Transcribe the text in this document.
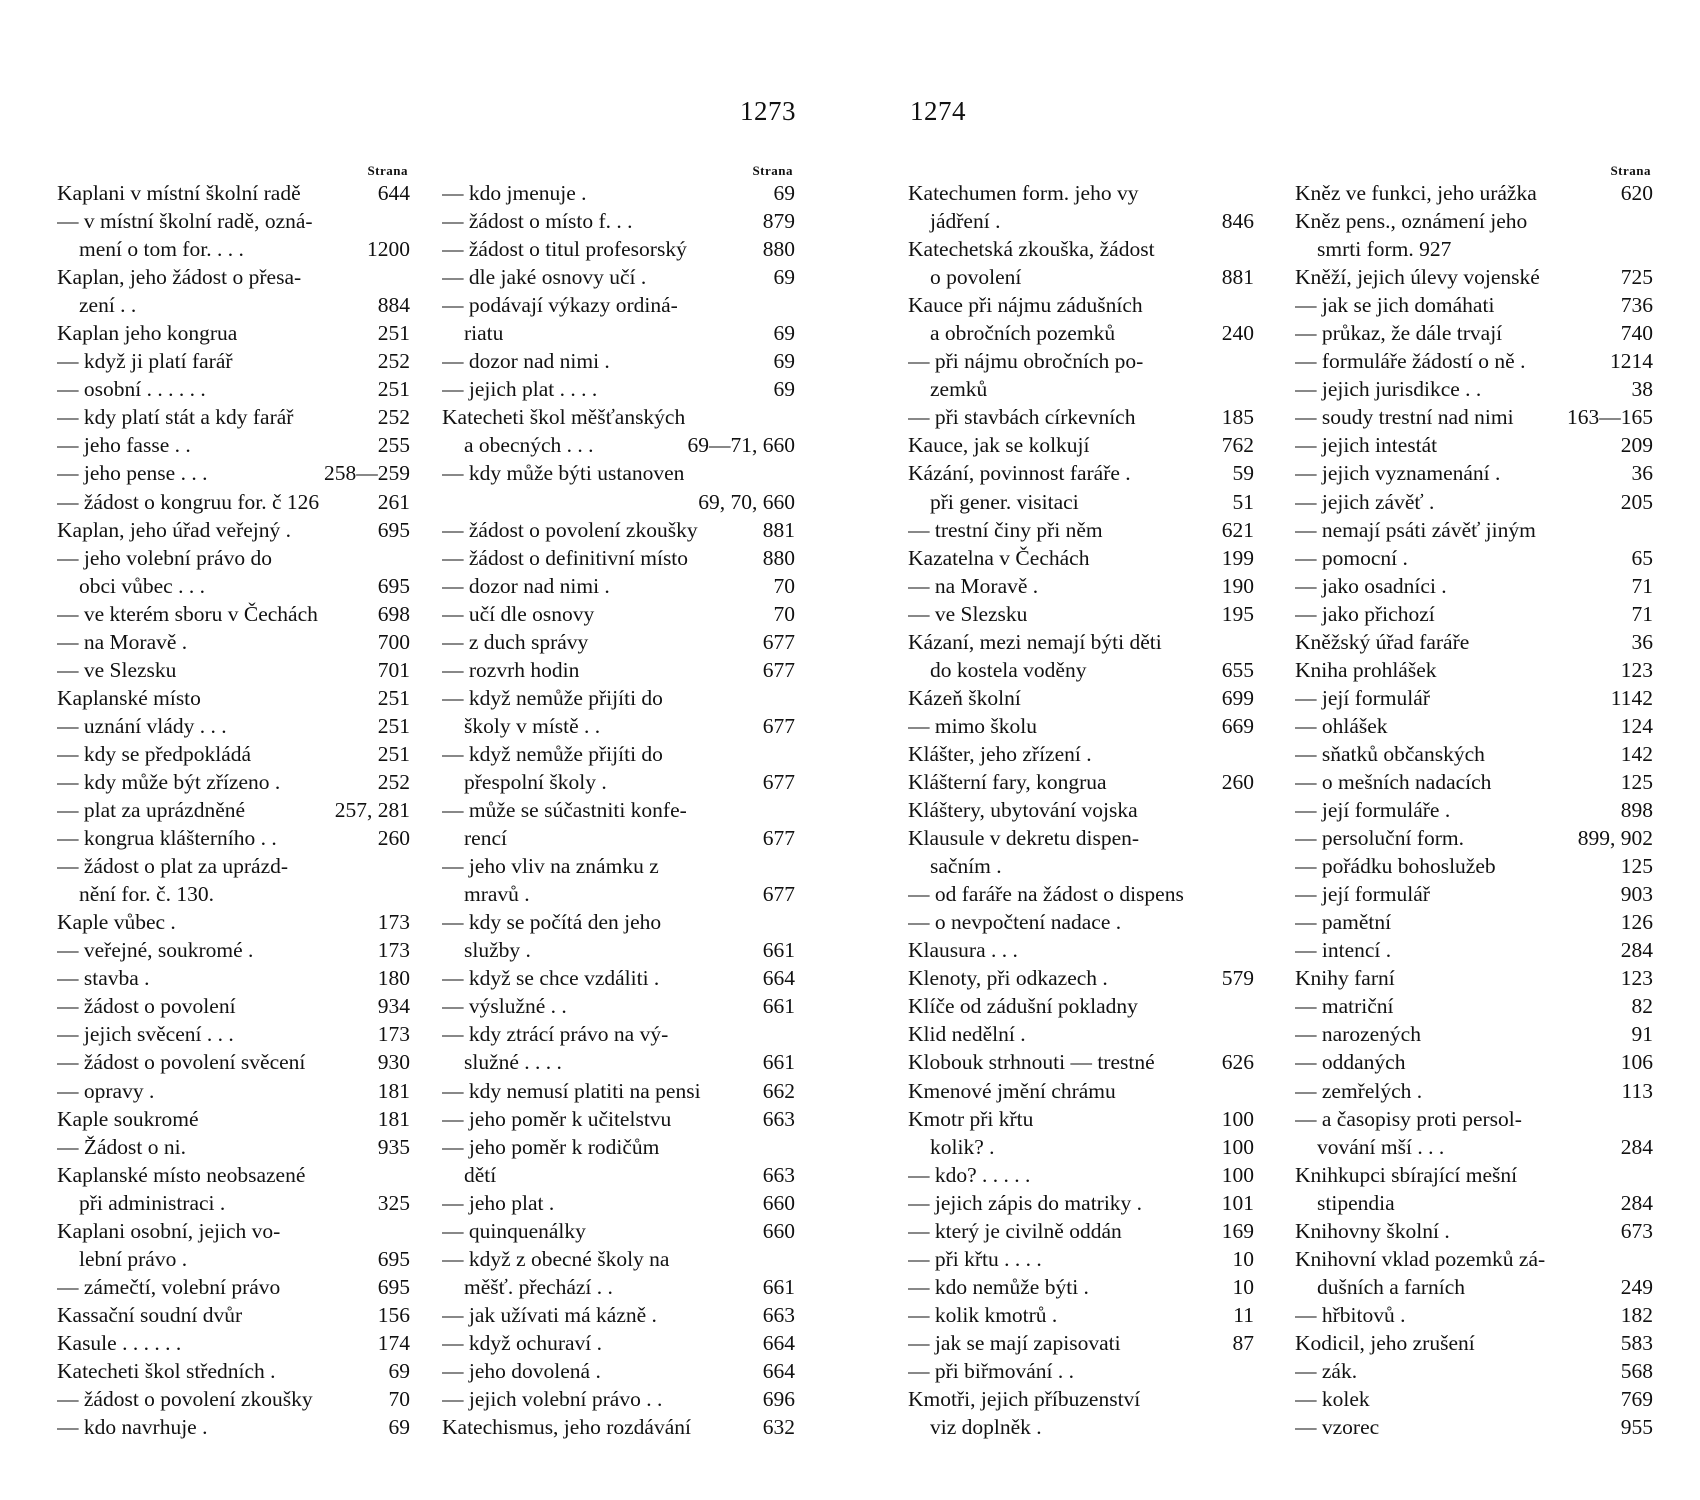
1273
Strana
Kaplani v místní školní radě	644
— v místní školní radě, ozná-
mení o tom for. . . .	1200
Kaplan, jeho žádost o přesa-
zení . .	884
Kaplan jeho kongrua	251
— když ji platí farář	252
— osobní . . . . . .	251
— kdy platí stát a kdy farář	252
— jeho fasse . .	255
— jeho pense . . .	258—259
— žádost o kongruu for. č 126	261
Kaplan, jeho úřad veřejný .	695
— jeho volební právo do
obci vůbec . . .	695
— ve kterém sboru v Čechách	698
— na Moravě .	700
— ve Slezsku	701
Kaplanské místo	251
— uznání vlády . . .	251
— kdy se předpokládá	251
— kdy může být zřízeno .	252
— plat za uprázdněné	257, 281
— kongrua klášterního . .	260
— žádost o plat za uprázd-
nění for. č. 130.
Kaple vůbec .	173
— veřejné, soukromé .	173
— stavba .	180
— žádost o povolení	934
— jejich svěcení . . .	173
— žádost o povolení svěcení	930
— opravy .	181
Kaple soukromé	181
— Žádost o ni.	935
Kaplanské místo neobsazené
při administraci .	325
Kaplani osobní, jejich vo-
lební právo .	695
— zámečtí, volební právo	695
Kassační soudní dvůr	156
Kasule . . . . . .	174
Katecheti škol středních .	69
— žádost o povolení zkoušky	70
— kdo navrhuje .	69
Strana
— kdo jmenuje .	69
— žádost o místo f. . .	879
— žádost o titul profesorský	880
— dle jaké osnovy učí .	69
— podávají výkazy ordiná-
riatu	69
— dozor nad nimi .	69
— jejich plat . . . .	69
Katecheti škol měšťanských
a obecných . . .	69—71, 660
— kdy může býti ustanoven
69, 70, 660
— žádost o povolení zkoušky	881
— žádost o definitivní místo	880
— dozor nad nimi .	70
— učí dle osnovy	70
— z duch správy	677
— rozvrh hodin	677
— když nemůže přijíti do
školy v místě . .	677
— když nemůže přijíti do
přespolní školy .	677
— může se súčastniti konfe-
rencí	677
— jeho vliv na známku z
mravů .	677
— kdy se počítá den jeho
služby .	661
— když se chce vzdáliti .	664
— výslužné . .	661
— kdy ztrácí právo na vý-
služné . . . .	661
— kdy nemusí platiti na pensi	662
— jeho poměr k učitelstvu	663
— jeho poměr k rodičům
dětí	663
— jeho plat .	660
— quinquenálky	660
— když z obecné školy na
měšť. přechází . .	661
— jak užívati má kázně .	663
— když ochuraví .	664
— jeho dovolená .	664
— jejich volební právo . .	696
Katechismus, jeho rozdávání	632
1274
Katechumen form. jeho vy
jádření .	846
Katechetská zkouška, žádost
o povolení	881
Kauce při nájmu zádušních
a obročních pozemků	240
— při nájmu obročních po-
zemků
— při stavbách církevních	185
Kauce, jak se kolkují	762
Kázání, povinnost faráře .	59
při gener. visitaci	51
— trestní činy při něm	621
Kazatelna v Čechách	199
— na Moravě .	190
— ve Slezsku	195
Kázaní, mezi nemají býti děti
do kostela voděny	655
Kázeň školní	699
— mimo školu	669
Klášter, jeho zřízení .
Klášterní fary, kongrua	260
Kláštery, ubytování vojska
Klausule v dekretu dispen-
sačním .
— od faráře na žádost o dispens
— o nevpočtení nadace .
Klausura . . .
Klenoty, při odkazech .	579
Klíče od zádušní pokladny
Klid nedělní .
Klobouk strhnouti — trestné	626
Kmenové jmění chrámu
Kmotr při křtu	100
kolik? .	100
— kdo? . . . . .	100
— jejich zápis do matriky .	101
— který je civilně oddán	169
— při křtu . . . .	10
— kdo nemůže býti .	10
— kolik kmotrů .	11
— jak se mají zapisovati	87
— při biřmování . .
Kmotři, jejich příbuzenství
viz doplněk .
Strana
Kněz ve funkci, jeho urážka	620
Kněz pens., oznámení jeho
smrti form. 927
Kněží, jejich úlevy vojenské	725
— jak se jich domáhati	736
— průkaz, že dále trvají	740
— formuláře žádostí o ně .	1214
— jejich jurisdikce . .	38
— soudy trestní nad nimi	163—165
— jejich intestát	209
— jejich vyznamenání .	36
— jejich závěť .	205
— nemají psáti závěť jiným
— pomocní .	65
— jako osadníci .	71
— jako přichozí	71
Kněžský úřad faráře	36
Kniha prohlášek	123
— její formulář	1142
— ohlášek	124
— sňatků občanských	142
— o mešních nadacích	125
— její formuláře .	898
— persoluční form.	899, 902
— pořádku bohoslužeb	125
— její formulář	903
— pamětní	126
— intencí .	284
Knihy farní	123
— matriční	82
— narozených	91
— oddaných	106
— zemřelých .	113
— a časopisy proti persol-
vování mší . . .	284
Knihkupci sbírající mešní
stipendia	284
Knihovny školní .	673
Knihovní vklad pozemků zá-
dušních a farních	249
— hřbitovů .	182
Kodicil, jeho zrušení	583
— zák.	568
— kolek	769
— vzorec	955
